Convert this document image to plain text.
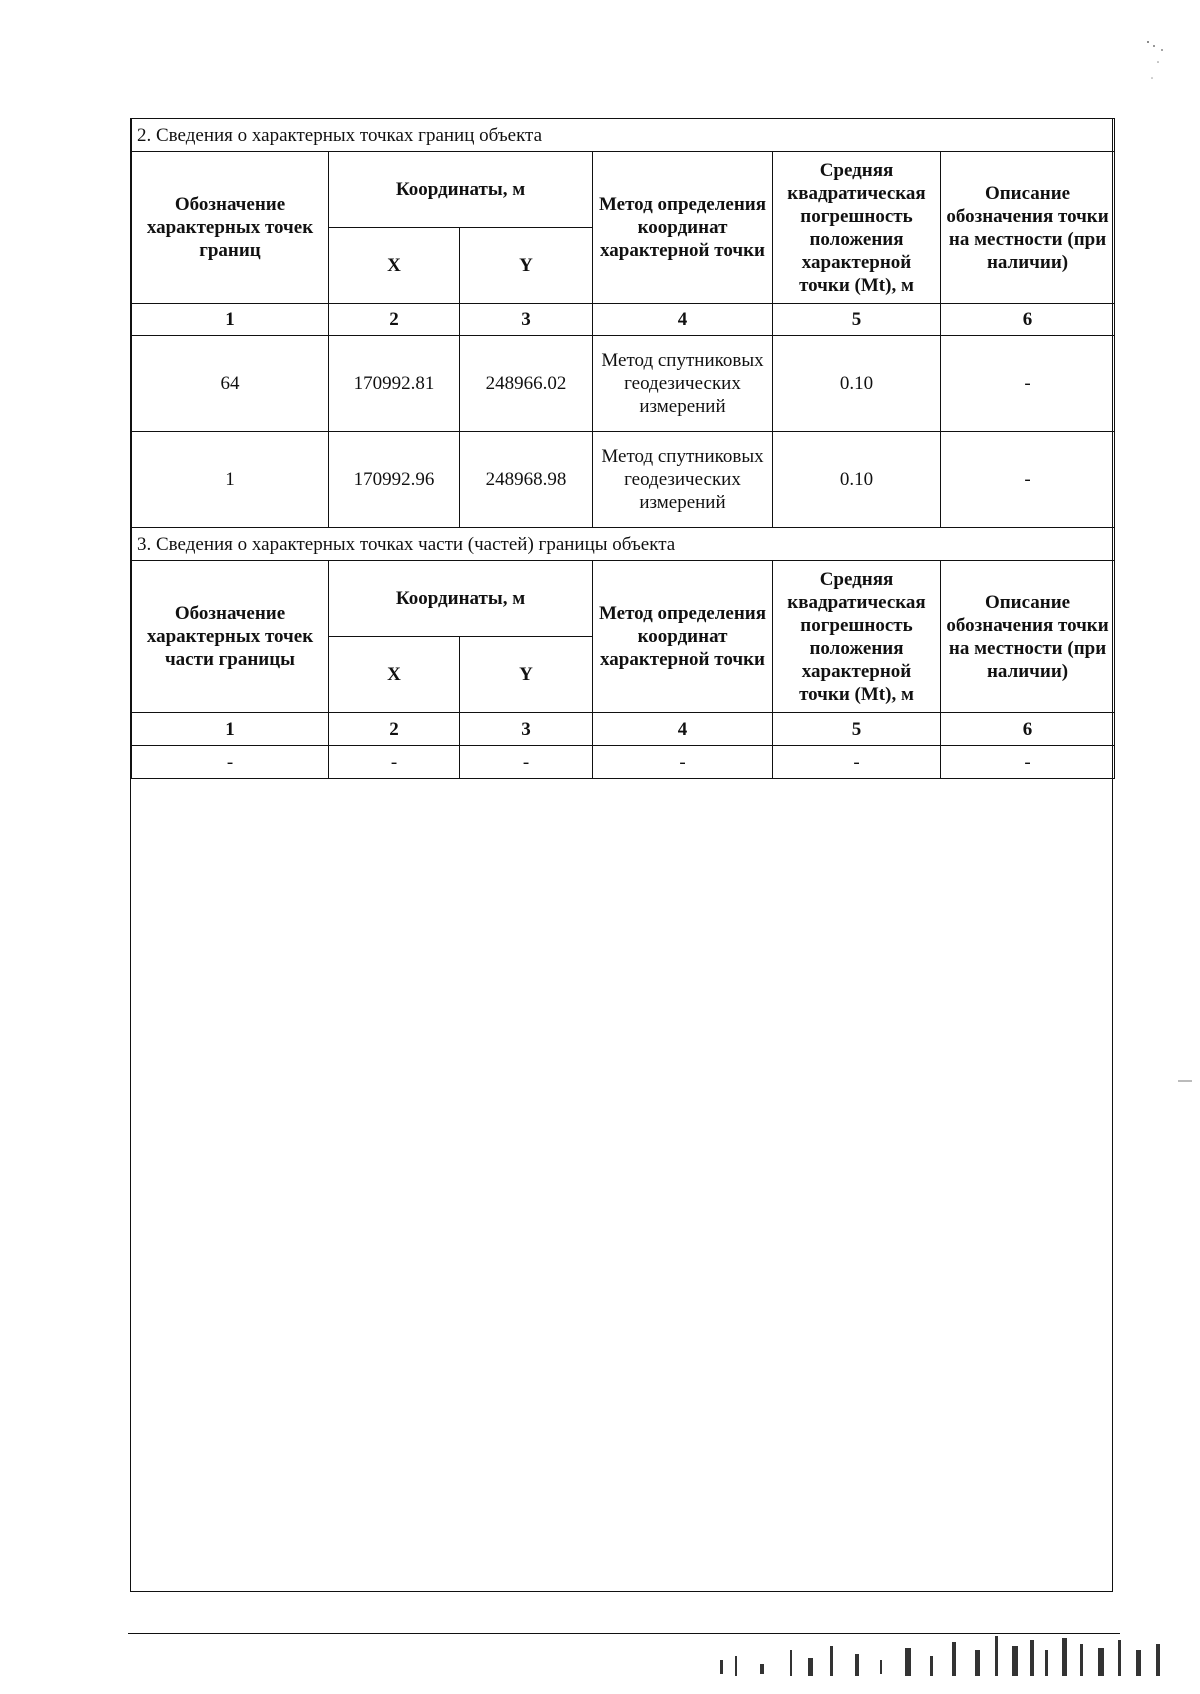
2. Сведения о характерных точках границ объекта					
Обозначение характерных точек границ	Координаты, м		Метод определения координат характерной точки	Средняя квадратическая погрешность положения характерной точки (Mt), м	Описание обозначения точки на местности (при наличии)
	X	Y			
1	2	3	4	5	6
64	170992.81	248966.02	Метод спутниковых геодезических измерений	0.10	-
1	170992.96	248968.98	Метод спутниковых геодезических измерений	0.10	-
3. Сведения о характерных точках части (частей) границы объекта					
Обозначение характерных точек части границы	Координаты, м		Метод определения координат характерной точки	Средняя квадратическая погрешность положения характерной точки (Mt), м	Описание обозначения точки на местности (при наличии)
	X	Y			
1	2	3	4	5	6
-	-	-	-	-	-
